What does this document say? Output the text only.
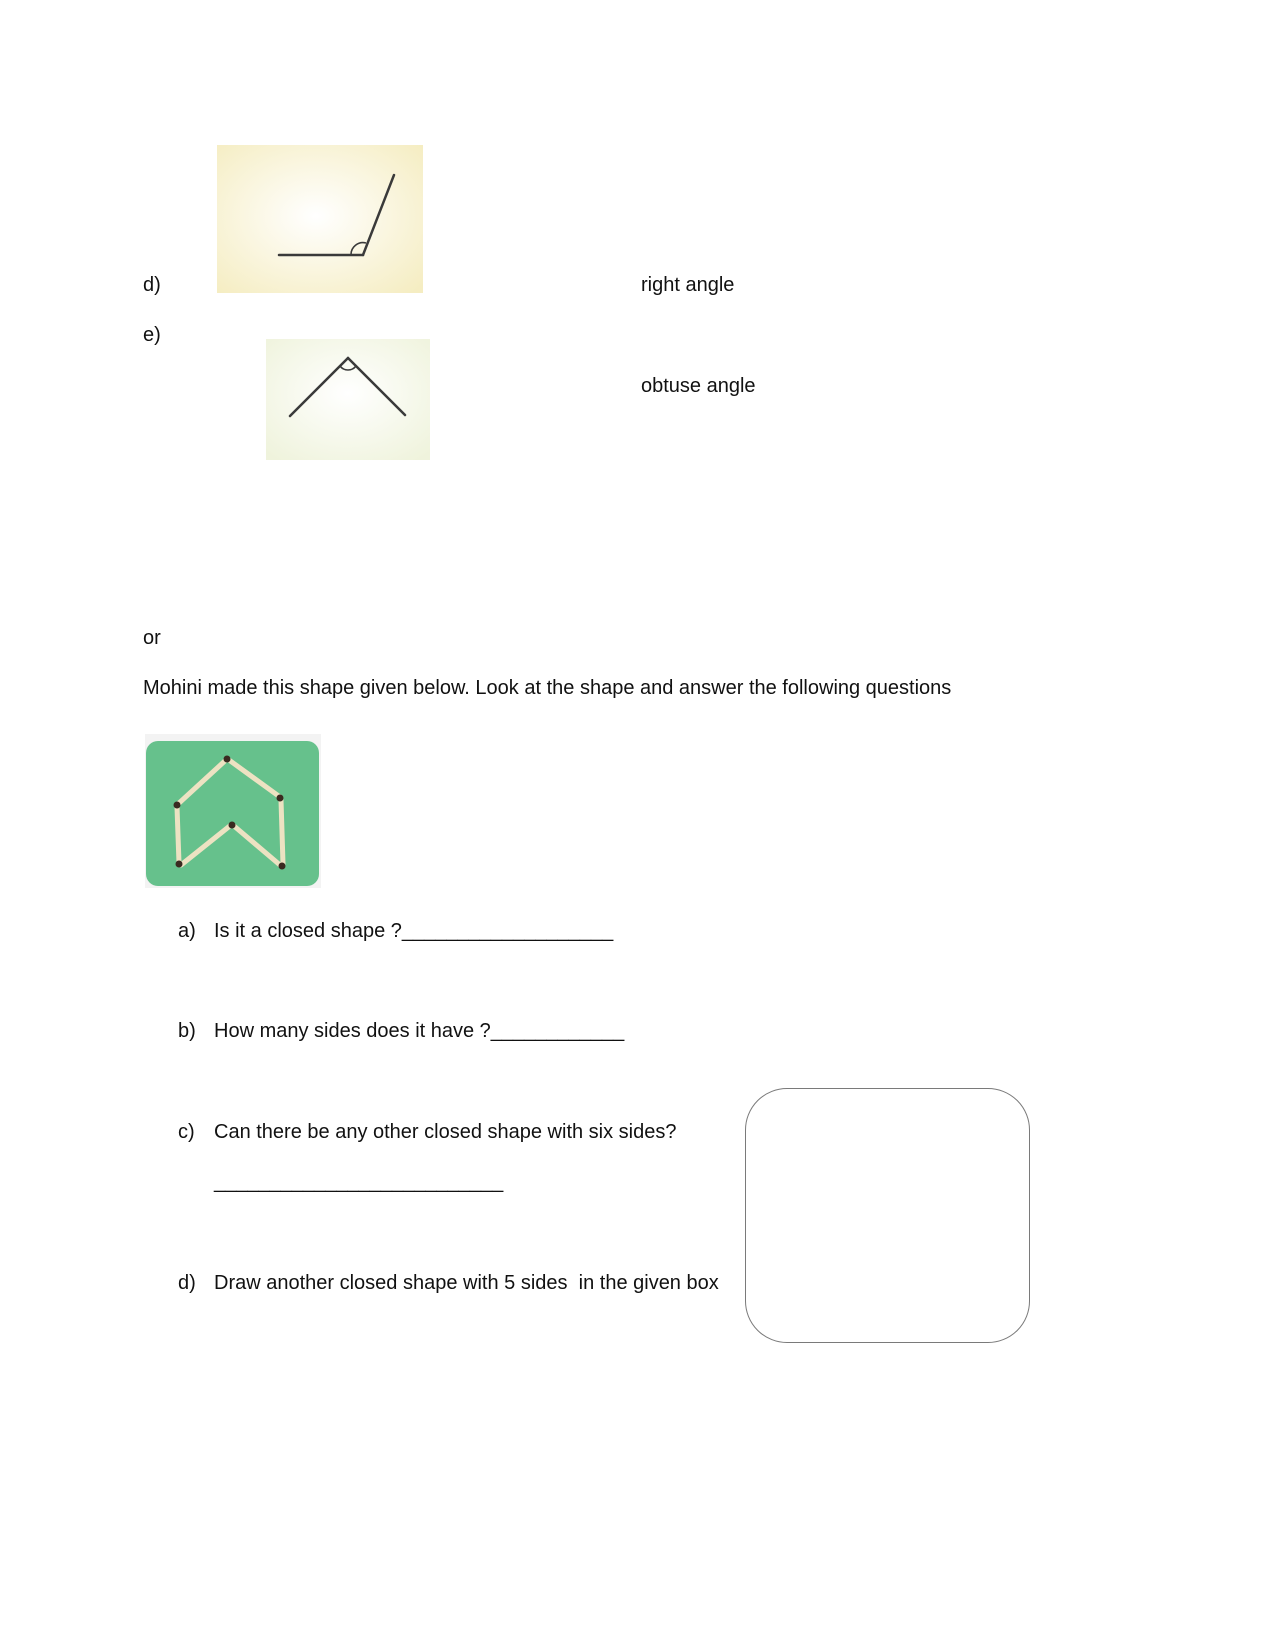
d)	right angle
e)
obtuse angle
or
Mohini made this shape given below. Look at the shape and answer the following questions
a) Is it a closed shape ?___________________
b) How many sides does it have ?____________
c) Can there be any other closed shape with six sides?
__________________________
d) Draw another closed shape with 5 sides  in the given box
